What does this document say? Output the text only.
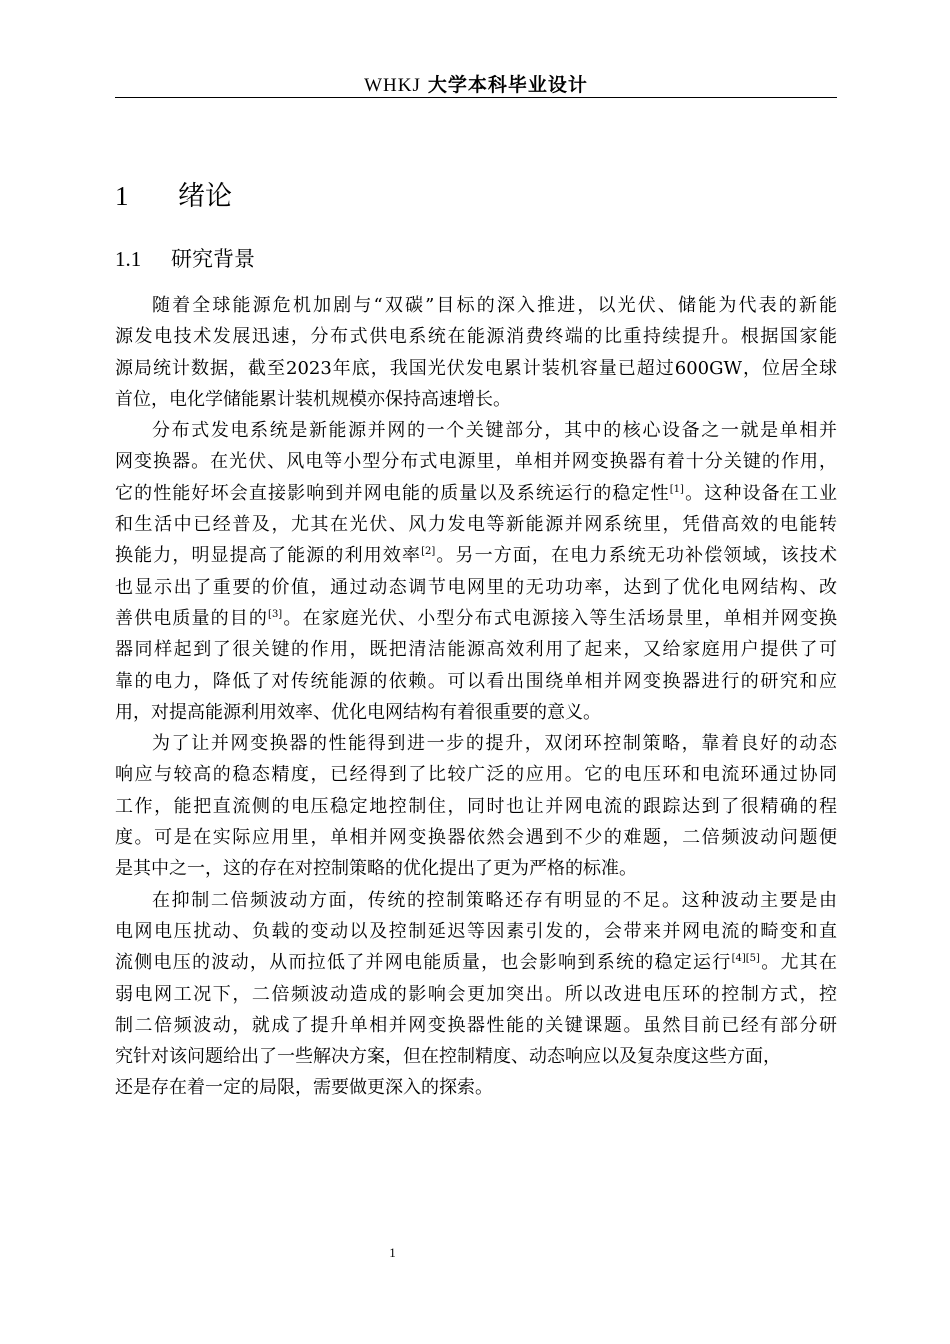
WHKJ 大学本科毕业设计
1 绪论
1.1 研究背景
随着全球能源危机加剧与“双碳”目标的深入推进，以光伏、储能为代表的新能
源发电技术发展迅速，分布式供电系统在能源消费终端的比重持续提升。根据国家能
源局统计数据，截至2023年底，我国光伏发电累计装机容量已超过600GW，位居全球
首位，电化学储能累计装机规模亦保持高速增长。
分布式发电系统是新能源并网的一个关键部分，其中的核心设备之一就是单相并
网变换器。在光伏、风电等小型分布式电源里，单相并网变换器有着十分关键的作用，
它的性能好坏会直接影响到并网电能的质量以及系统运行的稳定性[1]。这种设备在工业
和生活中已经普及，尤其在光伏、风力发电等新能源并网系统里，凭借高效的电能转
换能力，明显提高了能源的利用效率[2]。另一方面，在电力系统无功补偿领域，该技术
也显示出了重要的价值，通过动态调节电网里的无功功率，达到了优化电网结构、改
善供电质量的目的[3]。在家庭光伏、小型分布式电源接入等生活场景里，单相并网变换
器同样起到了很关键的作用，既把清洁能源高效利用了起来，又给家庭用户提供了可
靠的电力，降低了对传统能源的依赖。可以看出围绕单相并网变换器进行的研究和应
用，对提高能源利用效率、优化电网结构有着很重要的意义。
为了让并网变换器的性能得到进一步的提升，双闭环控制策略，靠着良好的动态
响应与较高的稳态精度，已经得到了比较广泛的应用。它的电压环和电流环通过协同
工作，能把直流侧的电压稳定地控制住，同时也让并网电流的跟踪达到了很精确的程
度。可是在实际应用里，单相并网变换器依然会遇到不少的难题，二倍频波动问题便
是其中之一，这的存在对控制策略的优化提出了更为严格的标准。
在抑制二倍频波动方面，传统的控制策略还存有明显的不足。这种波动主要是由
电网电压扰动、负载的变动以及控制延迟等因素引发的，会带来并网电流的畸变和直
流侧电压的波动，从而拉低了并网电能质量，也会影响到系统的稳定运行[4][5]。尤其在
弱电网工况下，二倍频波动造成的影响会更加突出。所以改进电压环的控制方式，控
制二倍频波动，就成了提升单相并网变换器性能的关键课题。虽然目前已经有部分研
究针对该问题给出了一些解决方案，但在控制精度、动态响应以及复杂度这些方面，
还是存在着一定的局限，需要做更深入的探索。
1
